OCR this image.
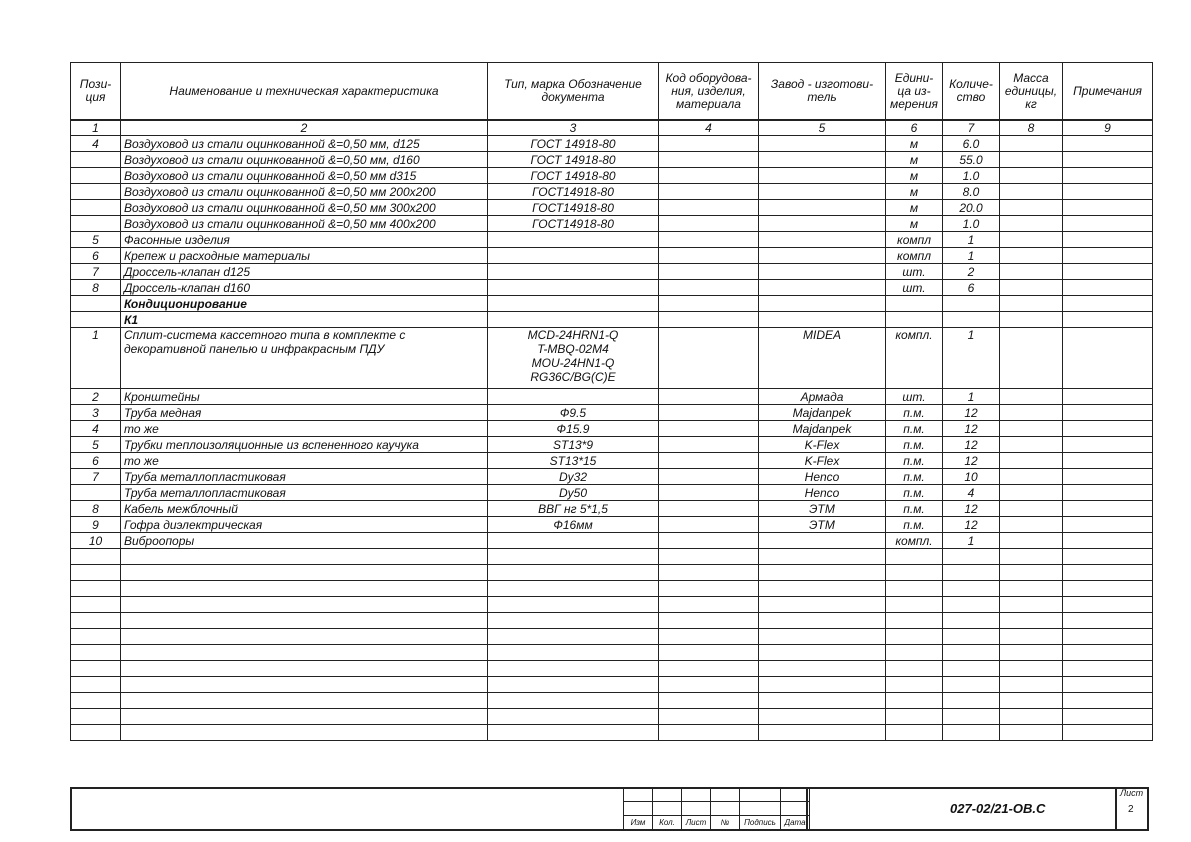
Пози-ция	Наименование и техническая характеристика	Тип, марка Обозначение документа	Код оборудова-ния, изделия, материала	Завод - изготови-тель	Едини-ца из-мерения	Количе-ство	Масса единицы, кг	Примечания
1	2	3	4	5	6	7	8	9
4	Воздуховод из стали оцинкованной &=0,50 мм, d125	ГОСТ 14918-80			м	6.0		
	Воздуховод из стали оцинкованной &=0,50 мм, d160	ГОСТ 14918-80			м	55.0		
	Воздуховод из стали оцинкованной &=0,50 мм d315	ГОСТ 14918-80			м	1.0		
	Воздуховод из стали оцинкованной &=0,50 мм 200х200	ГОСТ14918-80			м	8.0		
	Воздуховод из стали оцинкованной &=0,50 мм 300х200	ГОСТ14918-80			м	20.0		
	Воздуховод из стали оцинкованной &=0,50 мм 400х200	ГОСТ14918-80			м	1.0		
5	Фасонные изделия				компл	1		
6	Крепеж и расходные материалы				компл	1		
7	Дроссель-клапан d125				шт.	2		
8	Дроссель-клапан d160				шт.	6		
	Кондиционирование							
	К1							
1	Сплит-система кассетного типа в комплекте с декоративной панелью и инфракрасным ПДУ	MCD-24HRN1-Q
T-MBQ-02M4
MOU-24HN1-Q
RG36C/BG(C)E		MIDEA	компл.	1		
2	Кронштейны			Армада	шт.	1		
3	Труба медная	Ф9.5		Majdanpek	п.м.	12		
4	то же	Ф15.9		Majdanpek	п.м.	12		
5	Трубки теплоизоляционные из вспененного каучука	ST13*9		K-Flex	п.м.	12		
6	то же	ST13*15		K-Flex	п.м.	12		
7	Труба металлопластиковая	Dy32		Henco	п.м.	10		
	Труба металлопластиковая	Dy50		Henco	п.м.	4		
8	Кабель межблочный	ВВГ нг 5*1,5		ЭТМ	п.м.	12		
9	Гофра диэлектрическая	Ф16мм		ЭТМ	п.м.	12		
10	Виброопоры				компл.	1		

Изм	Кол.	Лист	№	Подпись	Дата
027-02/21-ОВ.С
Лист
2
